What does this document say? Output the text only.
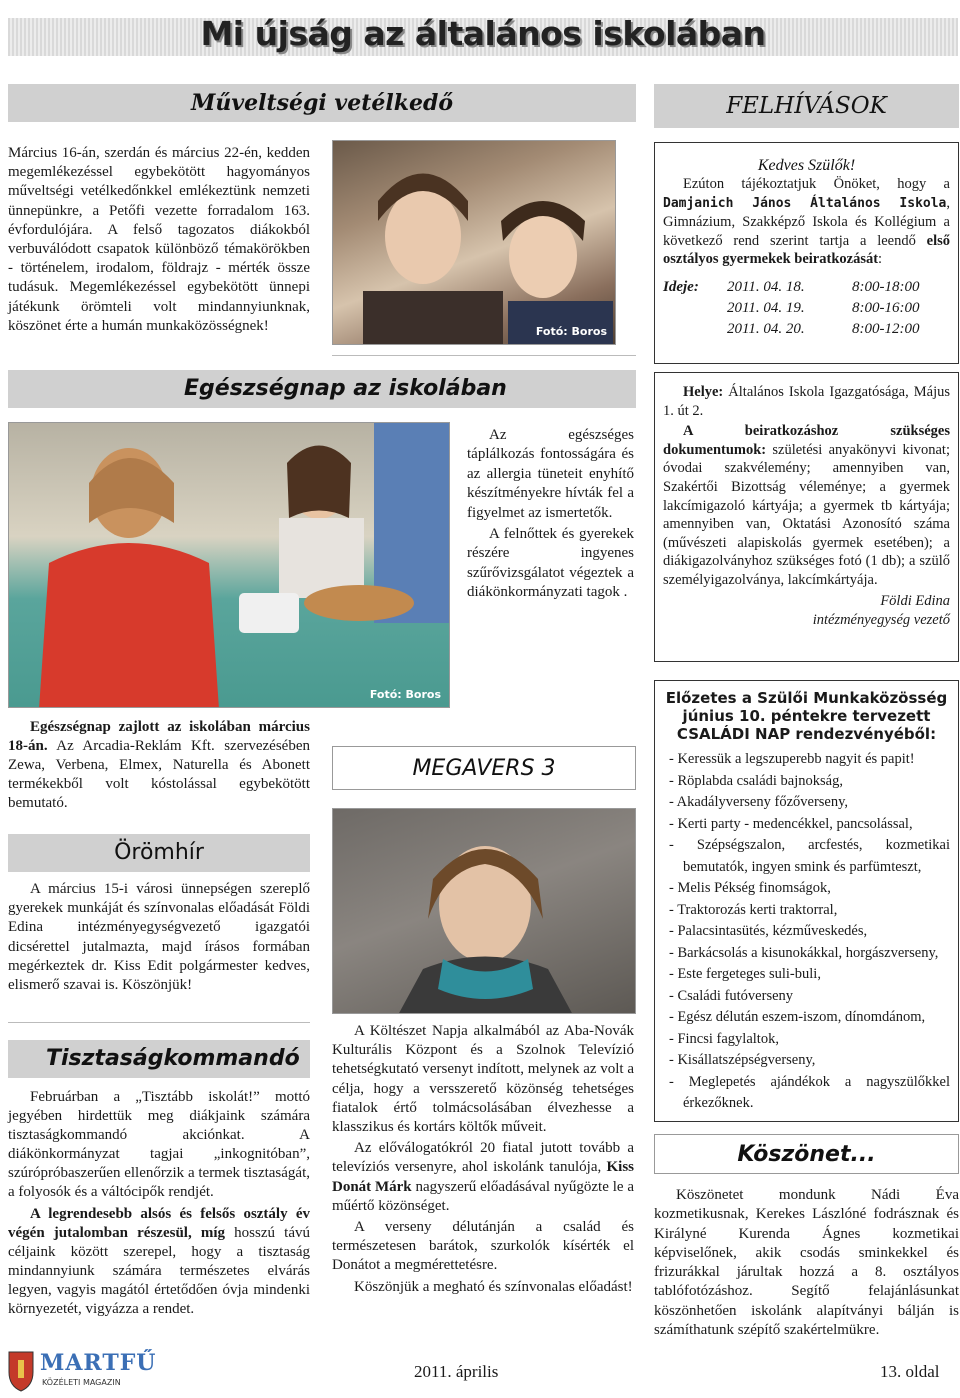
Mi újság az általános iskolában
Műveltségi vetélkedő
Március 16-án, szerdán és március 22-én, kedden megemlékezéssel egybekötött hagyományos műveltségi vetélkedőnkkel emlékeztünk nemzeti ünnepünkre, a Petőfi vezette forradalom 163. évfordulójára. A felső tagozatos diákokból verbuválódott csapatok különböző témakörökben - történelem, irodalom, földrajz - mérték össze tudásuk. Megemlékezéssel egybekötött ünnepi játékunk örömteli volt mindannyiunknak, köszönet érte a humán munkaközösségnek!	Fotó: Boros
FELHÍVÁSOK
Kedves Szülők!
Ezúton tájékoztatjuk Önöket, hogy a Damjanich János Általános Iskola, Gimnázium, Szakképző Iskola és Kollégium a következő rend szerint tartja a leendő első osztályos gyermekek beiratkozását:
Ideje:	2011. 04. 18.	8:00-18:00
2011. 04. 19.	8:00-16:00
2011. 04. 20.	8:00-12:00
Helye: Általános Iskola Igazgatósága, Május 1. út 2.
A beiratkozáshoz szükséges dokumentumok: születési anyakönyvi kivonat; óvodai szakvélemény; amennyiben van, Szakértői Bizottság véleménye; a gyermek lakcímigazoló kártyája; a gyermek tb kártyája; amennyiben van, Oktatási Azonosító száma (művészeti alapiskolás gyermek esetében); a diákigazolványhoz szükséges fotó (1 db); a szülő személyigazolványa, lakcímkártyája.
Földi Edina
intézményegység vezető
Egészségnap az iskolában
Fotó: Boros

Az egészséges táplálkozás fontosságára és az allergia tüneteit enyhítő készítményekre hívták fel a figyelmet az ismertetők.

A felnőttek és gyerekek részére ingyenes szűrővizsgálatot végeztek a diákönkormányzati tagok .

Egészségnap zajlott az iskolában március 18-án. Az Arcadia-Reklám Kft. szervezésében Zewa, Verbena, Elmex, Naturella és Abonett termékekből volt kóstolással egybekötött bemutató.
Örömhír
A március 15-i városi ünnepségen szereplő gyerekek munkáját és színvonalas előadását Földi Edina intézményegységvezető igazgatói dicsérettel jutalmazta, majd írásos formában megérkeztek dr. Kiss Edit polgármester kedves, elismerő szavai is. Köszönjük!
Tisztaságkommandó

Februárban a „Tisztább iskolát!” mottó jegyében hirdettük meg diákjaink számára tisztaságkommandó akciónkat. A diákönkormányzat tagjai „inkognitóban”, szúrópróbaszerűen ellenőrzik a termek tisztaságát, a folyosók és a váltócipők rendjét.

A legrendesebb alsós és felsős osztály év végén jutalomban részesül, míg hosszú távú céljaink között szerepel, hogy a tisztaság mindannyiunk számára természetes elvárás legyen, vagyis magától értetődően óvja mindenki környezetét, vigyázza a rendet.

MEGAVERS 3

A Költészet Napja alkalmából az Aba-Novák Kulturális Központ és a Szolnok Televízió tehetségkutató versenyt indított, melynek az volt a célja, hogy a versszerető közönség tehetséges fiatalok értő tolmácsolásában élvezhesse a klasszikus és kortárs költők műveit.

Az előválogatókról 20 fiatal jutott tovább a televíziós versenyre, ahol iskolánk tanulója, Kiss Donát Márk nagyszerű előadásával nyűgözte le a műértő közönséget.

A verseny délutánján a család és természetesen barátok, szurkolók kísérték el Donátot a megmérettetésre.

Köszönjük a megható és színvonalas előadást!

Előzetes a Szülői Munkaközösség
június 10. péntekre tervezett
CSALÁDI NAP rendezvényéből:
- Keressük a legszuperebb nagyit és papit!
- Röplabda családi bajnokság,
- Akadályverseny főzőverseny,
- Kerti party - medencékkel, pancsolással,
- Szépségszalon, arcfestés, kozmetikai bemutatók, ingyen smink és parfümteszt,
- Melis Pékség finomságok,
- Traktorozás kerti traktorral,
- Palacsintasütés, kézműveskedés,
- Barkácsolás a kisunokákkal, horgászverseny,
- Este fergeteges suli-buli,
- Családi futóverseny
- Egész délután eszem-iszom, dínomdánom,
- Fincsi fagylaltok,
- Kisállatszépségverseny,
- Meglepetés ajándékok a nagyszülőkkel érkezőknek.
Köszönet...
Köszönetet mondunk Nádi Éva kozmetikusnak, Kerekes Lászlóné fodrásznak és Királyné Kurenda Ágnes kozmetikai képviselőnek, akik csodás sminkekkel és frizurákkal járultak hozzá a 8. osztályos tablófotózáshoz. Segítő felajánlásunkat köszönhetően iskolánk alapítványi bálján is számíthatunk szépítő szakértelmükre.
MARTFŰ
KÖZÉLETI MAGAZIN
2011. április	13. oldal
